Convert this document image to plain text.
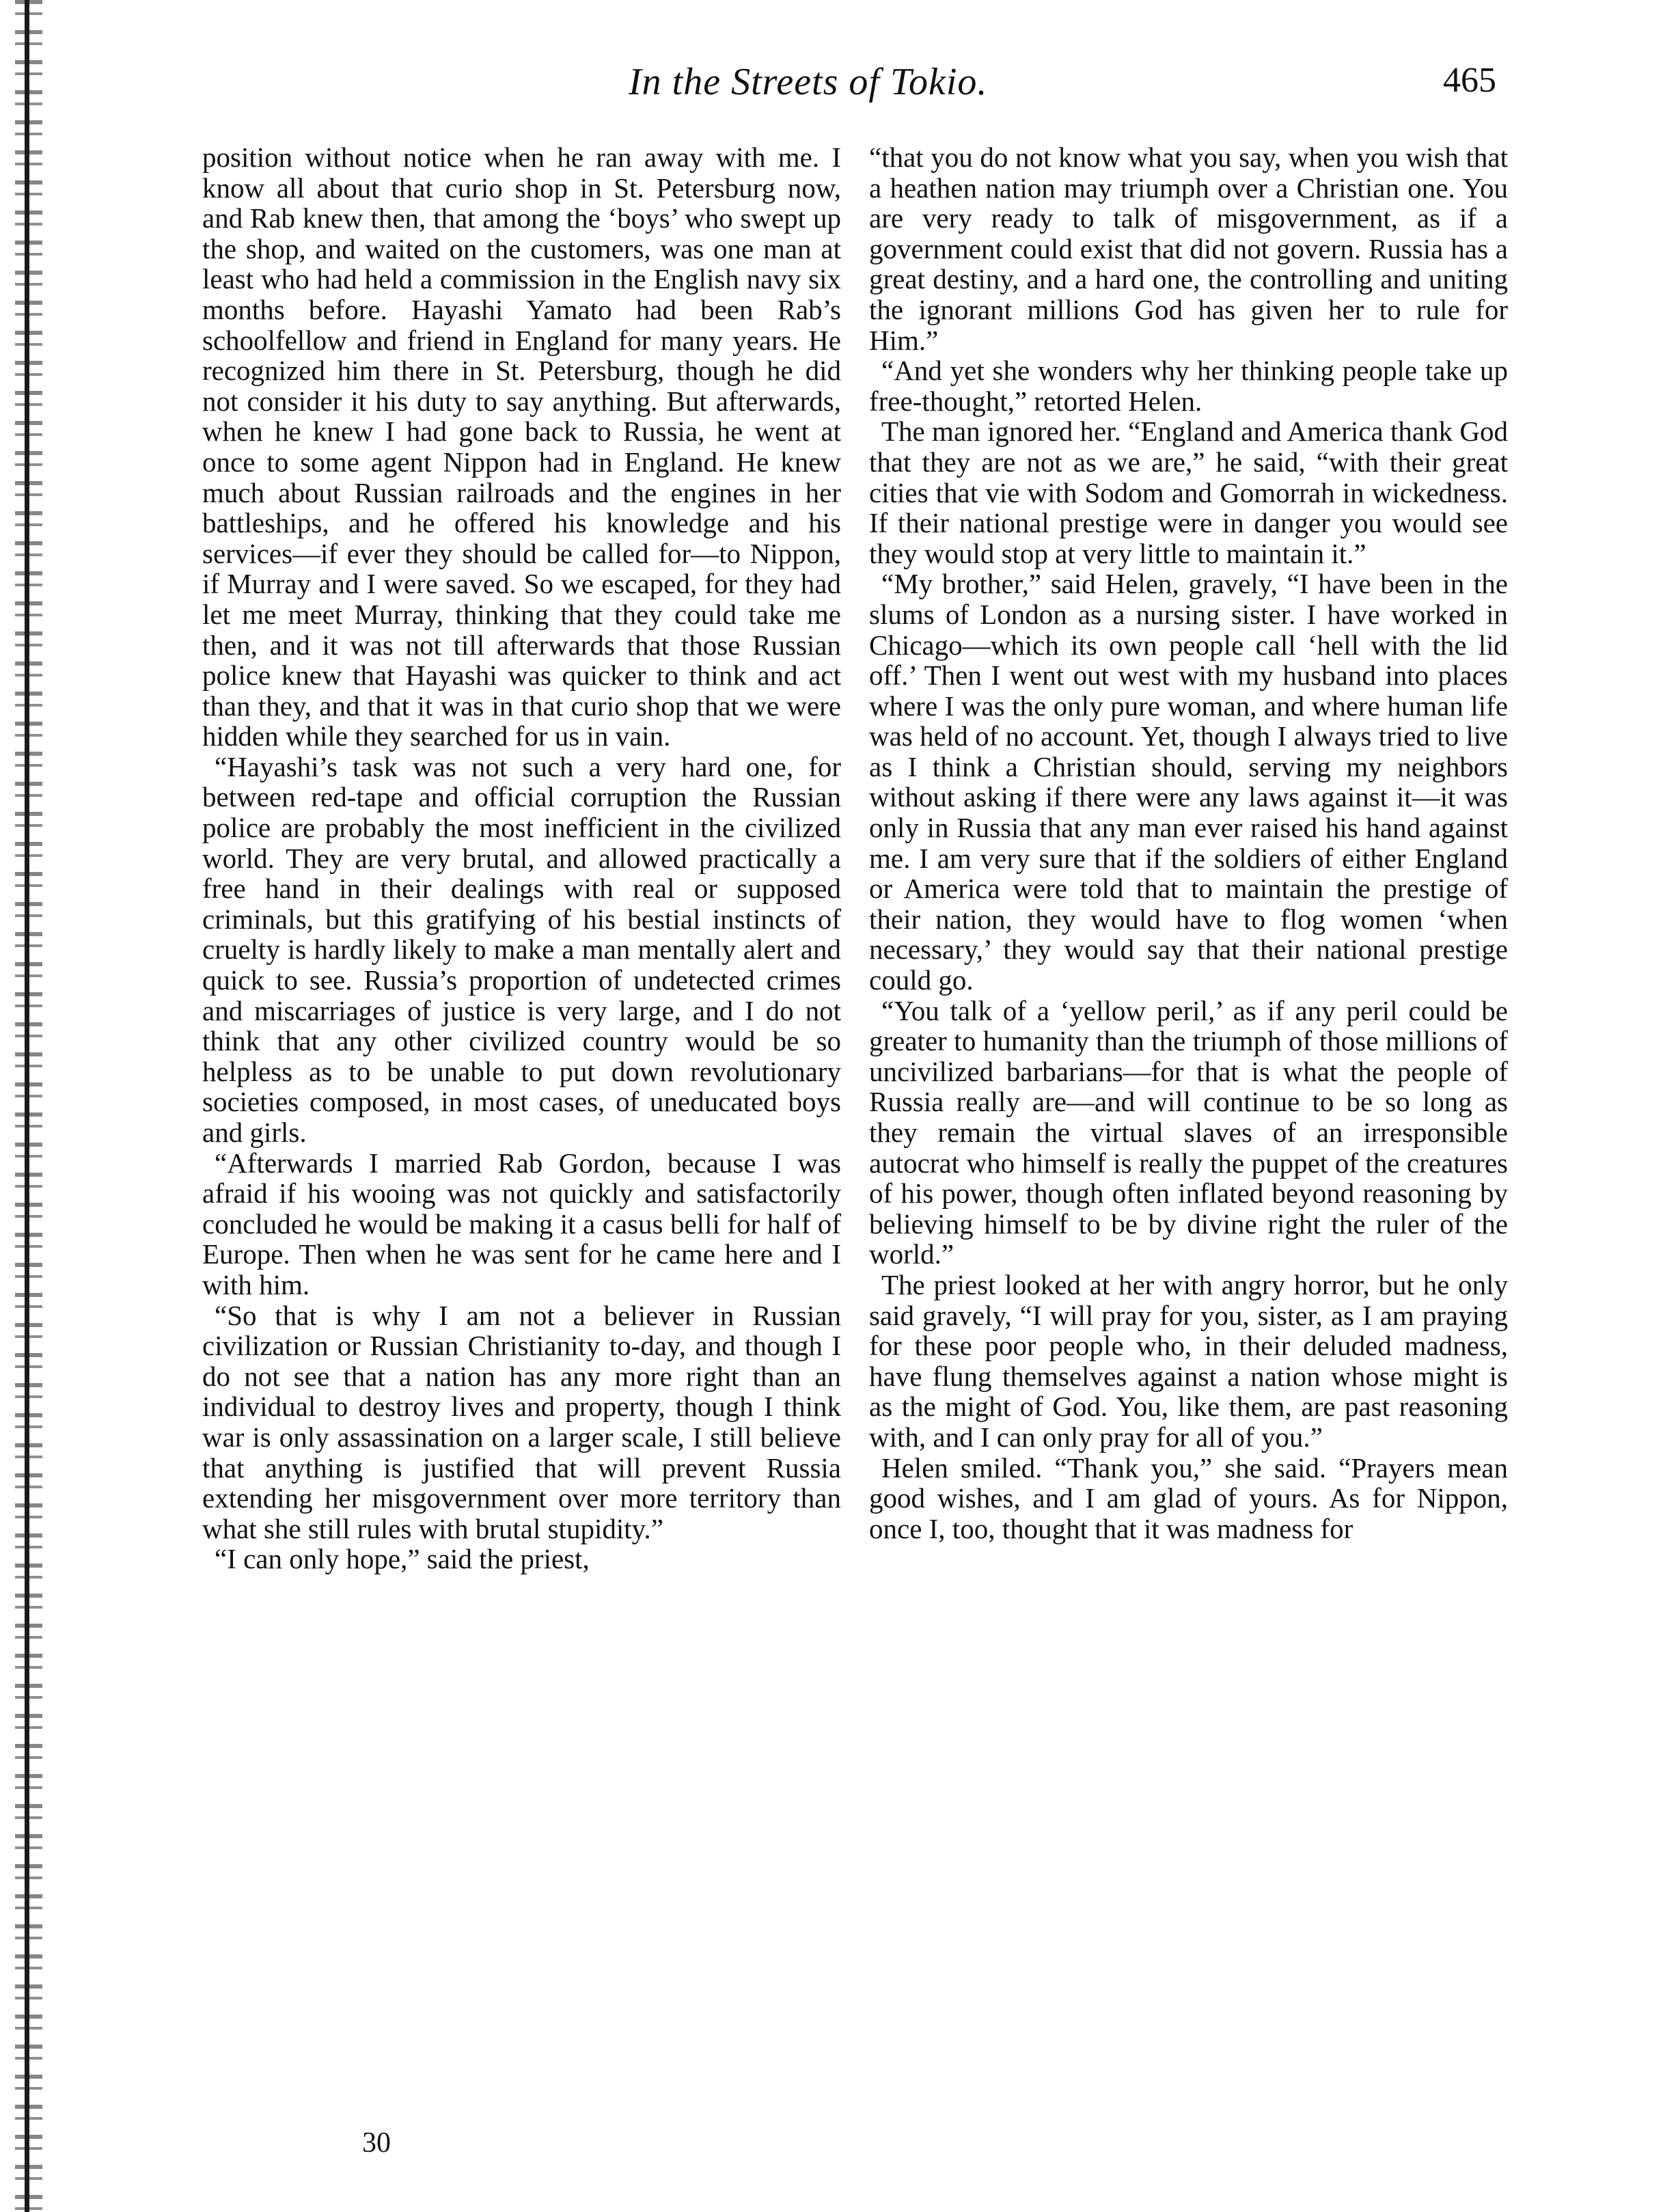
In the Streets of Tokio.	465

position without notice when he ran away with me. I know all about that curio shop in St. Petersburg now, and Rab knew then, that among the ‘boys’ who swept up the shop, and waited on the customers, was one man at least who had held a commission in the English navy six months before. Hayashi Yamato had been Rab’s schoolfellow and friend in England for many years. He recognized him there in St. Petersburg, though he did not consider it his duty to say anything. But afterwards, when he knew I had gone back to Russia, he went at once to some agent Nippon had in England. He knew much about Russian railroads and the engines in her battleships, and he offered his knowledge and his services—if ever they should be called for—to Nippon, if Murray and I were saved. So we escaped, for they had let me meet Murray, thinking that they could take me then, and it was not till afterwards that those Russian police knew that Hayashi was quicker to think and act than they, and that it was in that curio shop that we were hidden while they searched for us in vain.

“Hayashi’s task was not such a very hard one, for between red-tape and official corruption the Russian police are probably the most inefficient in the civilized world. They are very brutal, and allowed practically a free hand in their dealings with real or supposed criminals, but this gratifying of his bestial instincts of cruelty is hardly likely to make a man mentally alert and quick to see. Russia’s proportion of undetected crimes and miscarriages of justice is very large, and I do not think that any other civilized country would be so helpless as to be unable to put down revolutionary societies composed, in most cases, of uneducated boys and girls.

“Afterwards I married Rab Gordon, because I was afraid if his wooing was not quickly and satisfactorily concluded he would be making it a casus belli for half of Europe. Then when he was sent for he came here and I with him.

“So that is why I am not a believer in Russian civilization or Russian Christianity to-day, and though I do not see that a nation has any more right than an individual to destroy lives and property, though I think war is only assassination on a larger scale, I still believe that anything is justified that will prevent Russia extending her misgovernment over more territory than what she still rules with brutal stupidity.”

“I can only hope,” said the priest,

“that you do not know what you say, when you wish that a heathen nation may triumph over a Christian one. You are very ready to talk of misgovernment, as if a government could exist that did not govern. Russia has a great destiny, and a hard one, the controlling and uniting the ignorant millions God has given her to rule for Him.”

“And yet she wonders why her thinking people take up free-thought,” retorted Helen.

The man ignored her. “England and America thank God that they are not as we are,” he said, “with their great cities that vie with Sodom and Gomorrah in wickedness. If their national prestige were in danger you would see they would stop at very little to maintain it.”

“My brother,” said Helen, gravely, “I have been in the slums of London as a nursing sister. I have worked in Chicago—which its own people call ‘hell with the lid off.’ Then I went out west with my husband into places where I was the only pure woman, and where human life was held of no account. Yet, though I always tried to live as I think a Christian should, serving my neighbors without asking if there were any laws against it—it was only in Russia that any man ever raised his hand against me. I am very sure that if the soldiers of either England or America were told that to maintain the prestige of their nation, they would have to flog women ‘when necessary,’ they would say that their national prestige could go.

“You talk of a ‘yellow peril,’ as if any peril could be greater to humanity than the triumph of those millions of uncivilized barbarians—for that is what the people of Russia really are—and will continue to be so long as they remain the virtual slaves of an irresponsible autocrat who himself is really the puppet of the creatures of his power, though often inflated beyond reasoning by believing himself to be by divine right the ruler of the world.”

The priest looked at her with angry horror, but he only said gravely, “I will pray for you, sister, as I am praying for these poor people who, in their deluded madness, have flung themselves against a nation whose might is as the might of God. You, like them, are past reasoning with, and I can only pray for all of you.”

Helen smiled. “Thank you,” she said. “Prayers mean good wishes, and I am glad of yours. As for Nippon, once I, too, thought that it was madness for

30
